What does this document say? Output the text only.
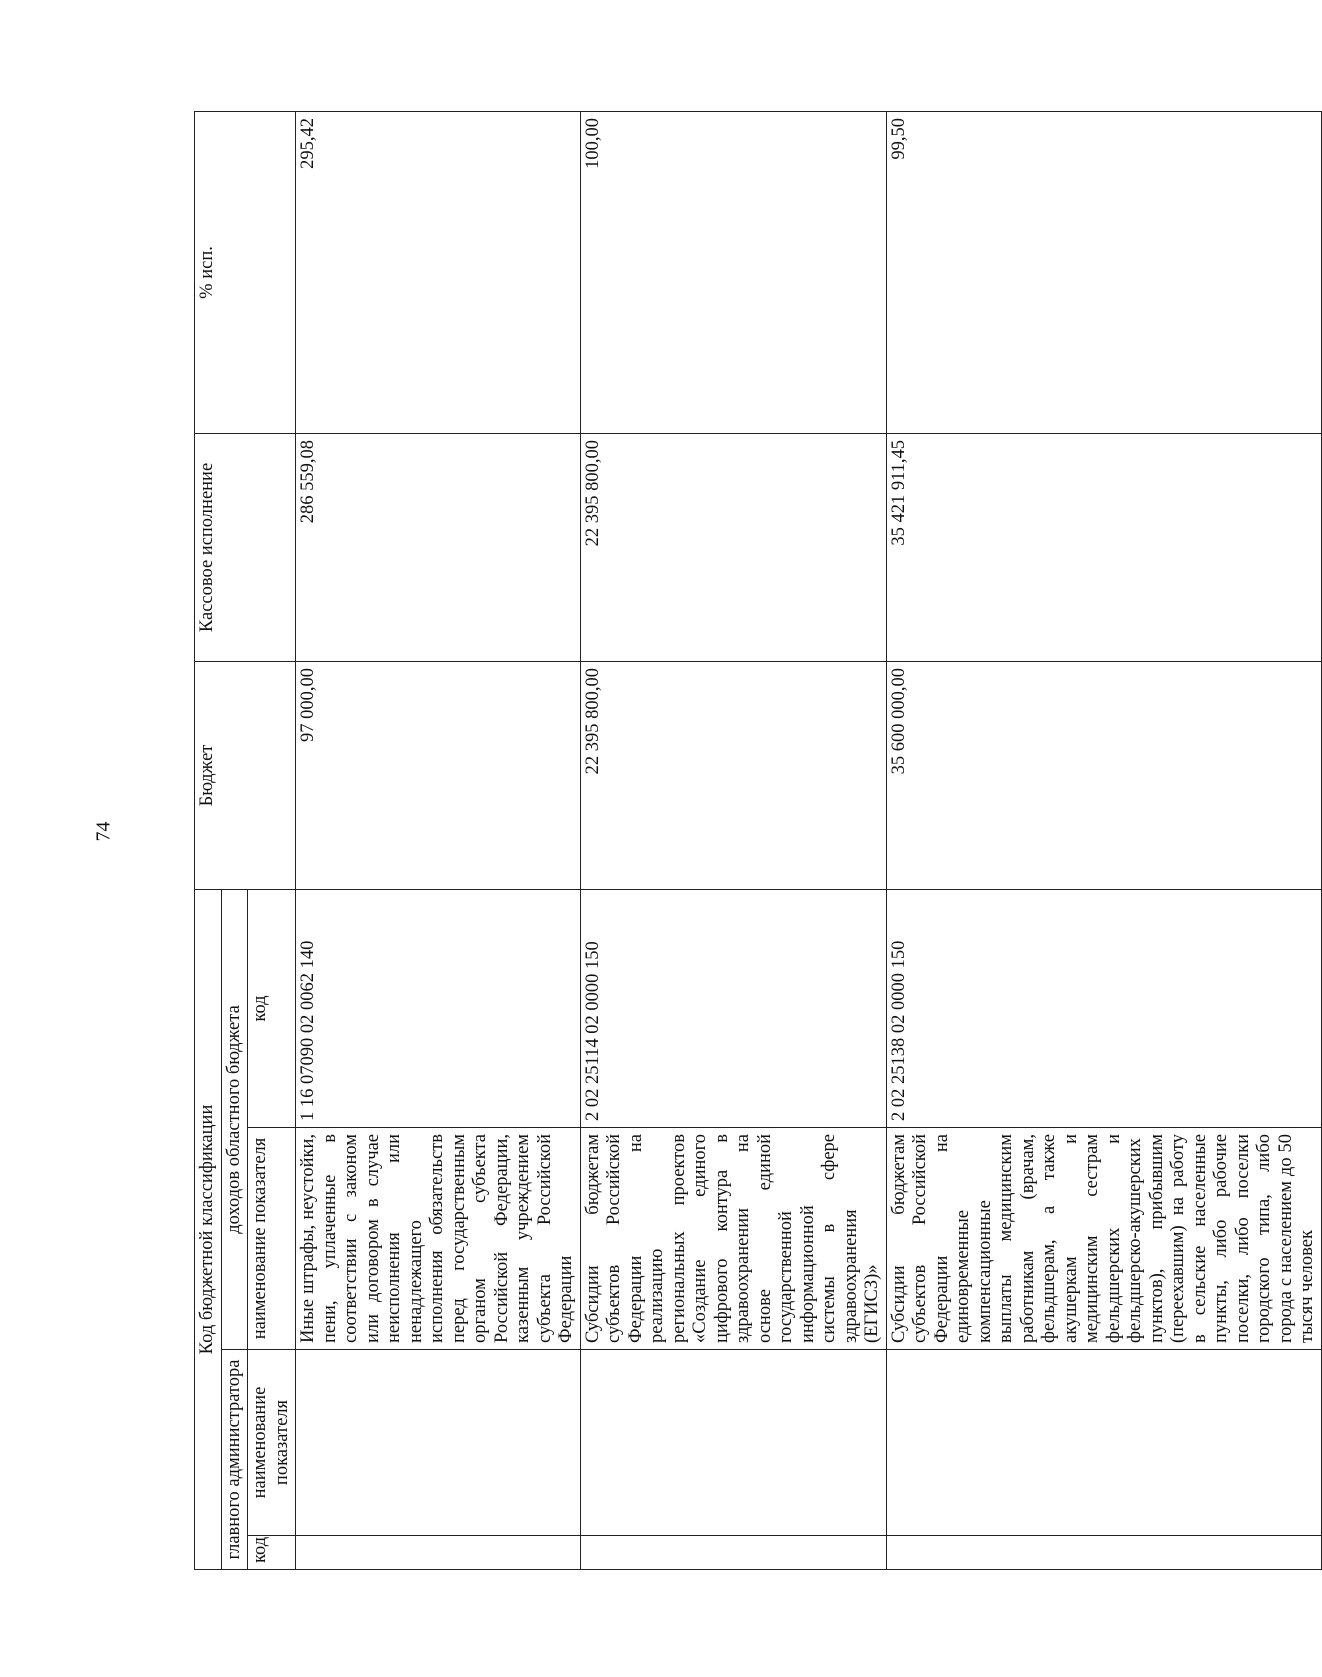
74
Код бюджетной классификации				Бюджет	Кассовое исполнение	% исп.
главного администратора		доходов областного бюджета				
код	наименование показателя	наименование показателя	код			
		Иные штрафы, неустойки, пени, уплаченные в соответствии с законом или договором в случае неисполнения или ненадлежащего исполнения обязательств перед государственным органом субъекта Российской Федерации, казенным учреждением субъекта Российской Федерации	1 16 07090 02 0062 140	97 000,00	286 559,08	295,42
		Субсидии бюджетам субъектов Российской Федерации на реализацию региональных проектов «Создание единого цифрового контура в здравоохранении на основе единой государственной информационной системы в сфере здравоохранения (ЕГИСЗ)»	2 02 25114 02 0000 150	22 395 800,00	22 395 800,00	100,00
		Субсидии бюджетам субъектов Российской Федерации на единовременные компенсационные выплаты медицинским работникам (врачам, фельдшерам, а также акушеркам и медицинским сестрам фельдшерских и фельдшерско-акушерских пунктов), прибывшим (переехавшим) на работу в сельские населенные пункты, либо рабочие поселки, либо поселки городского типа, либо города с населением до 50 тысяч человек	2 02 25138 02 0000 150	35 600 000,00	35 421 911,45	99,50
